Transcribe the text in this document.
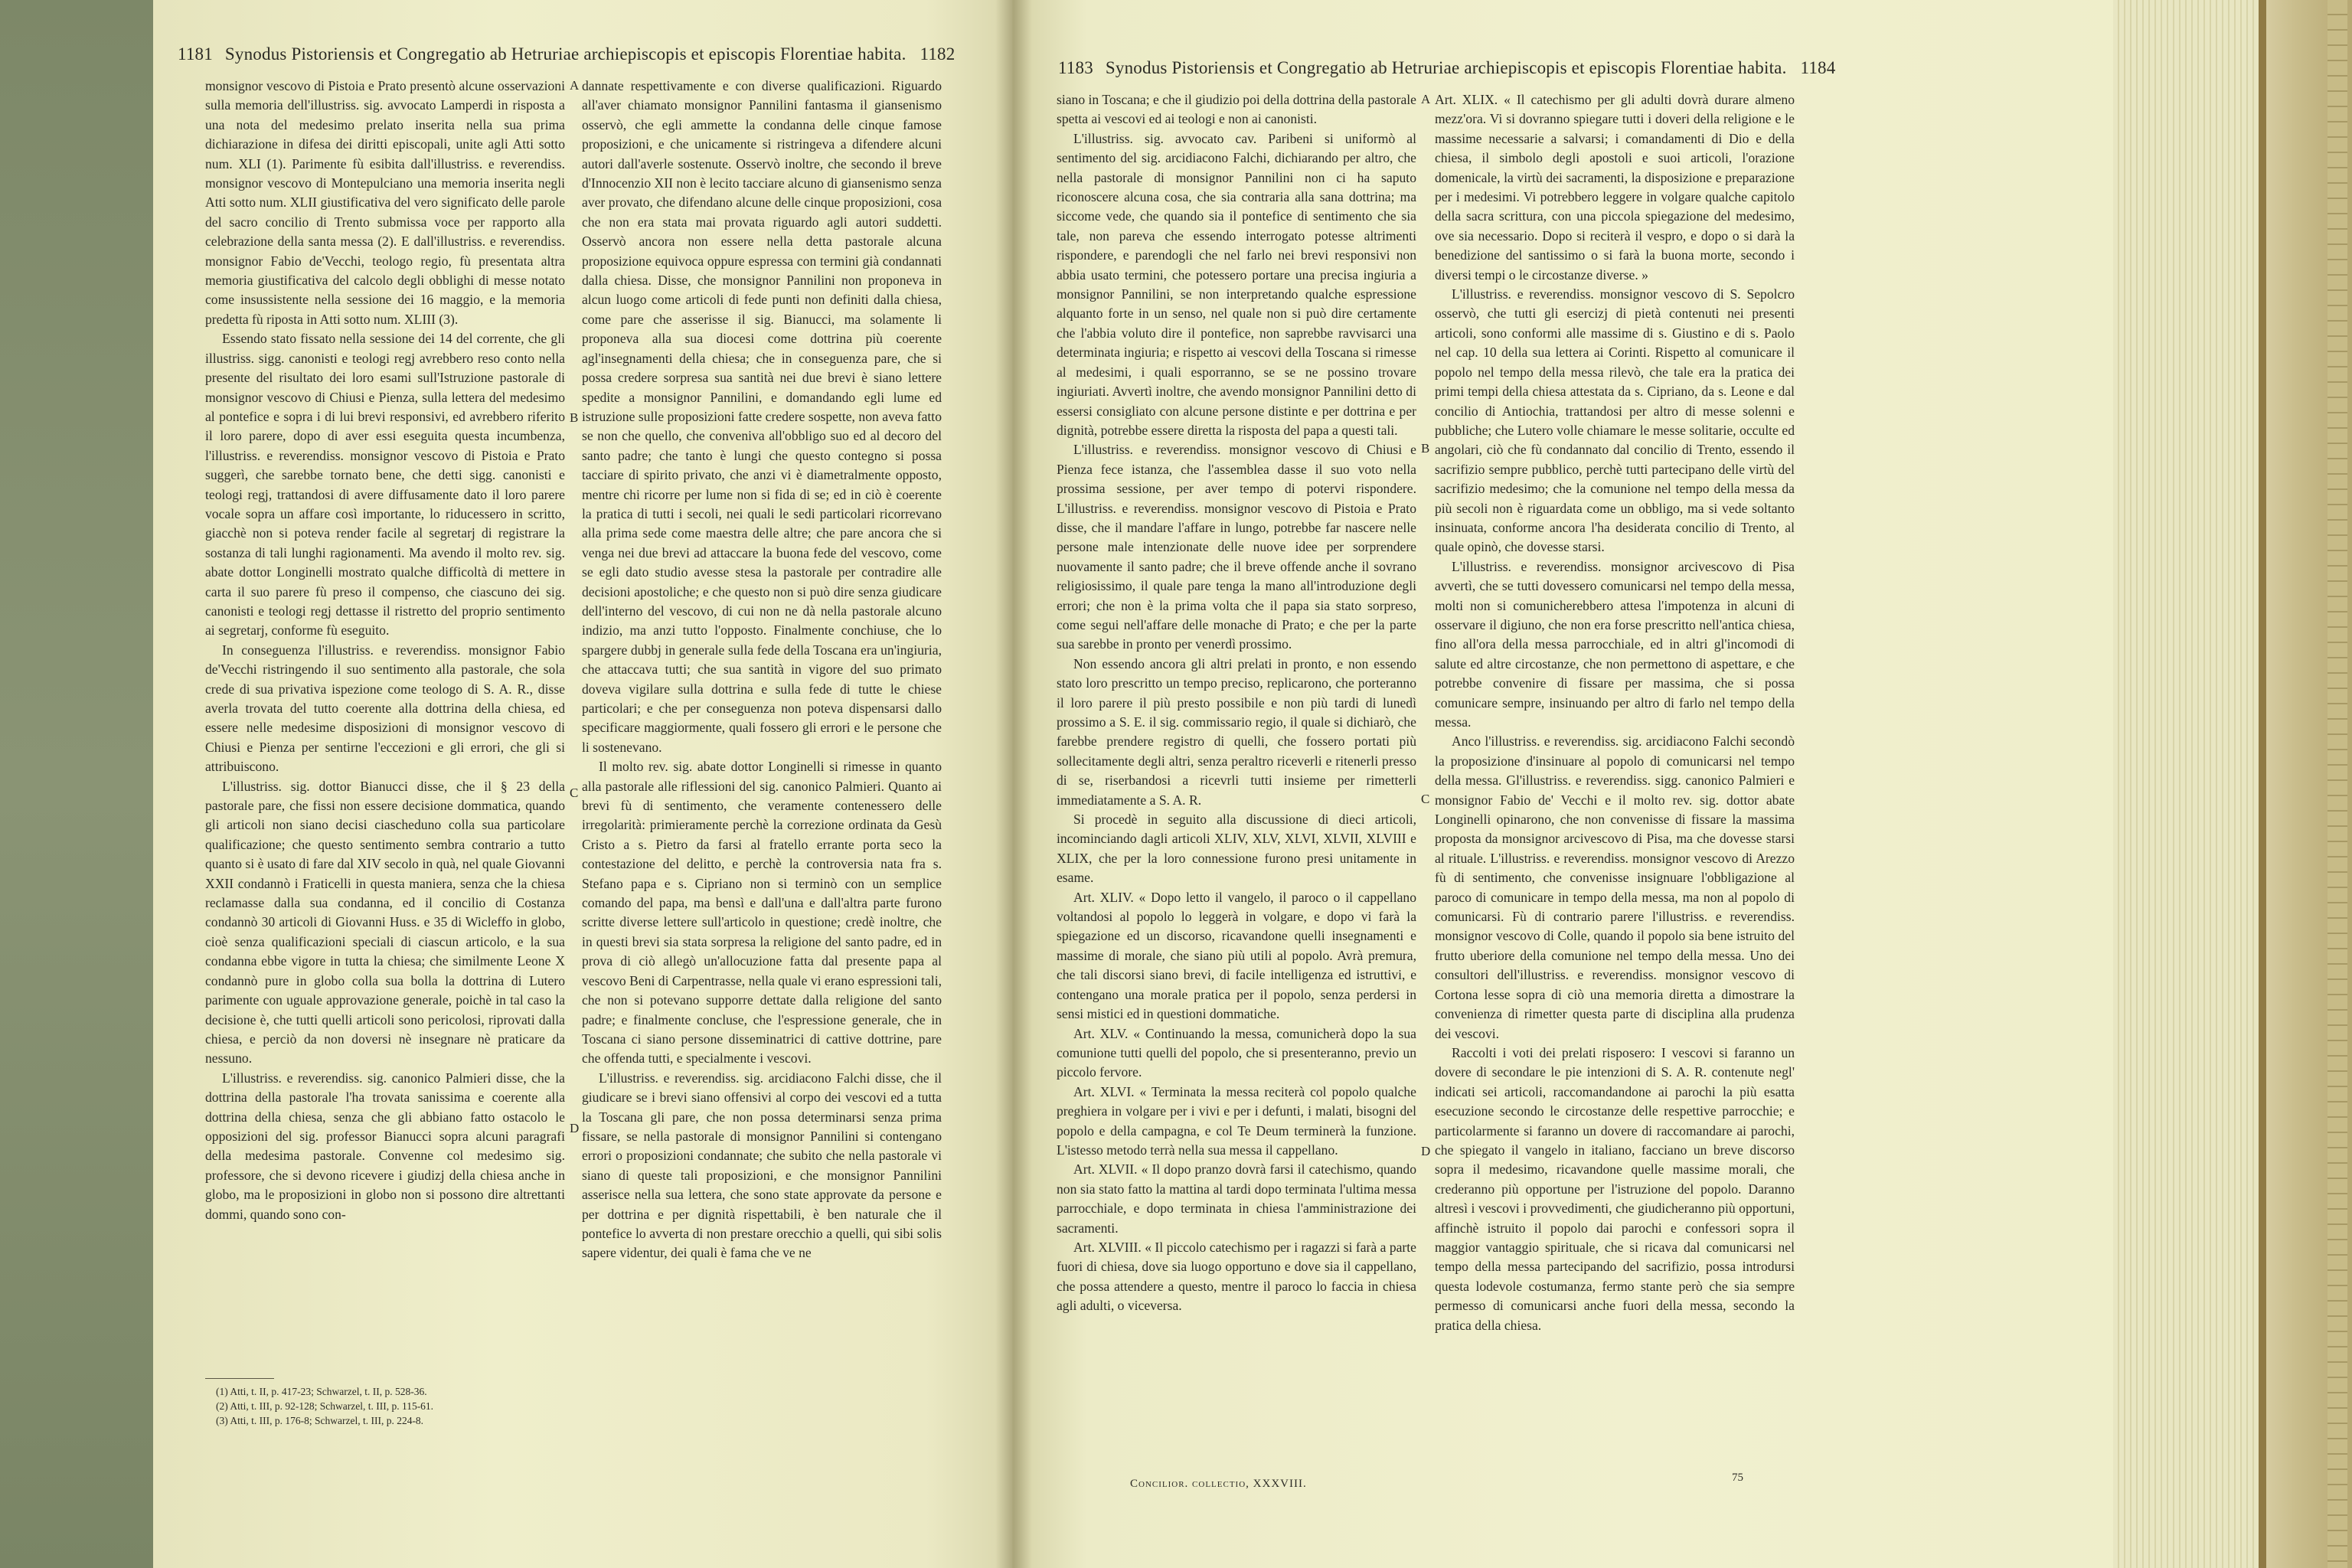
1181 Synodus Pistoriensis et Congregatio ab Hetruriae archiepiscopis et episcopis Florentiae habita. 1182

monsignor vescovo di Pistoia e Prato presentò alcune osservazioni sulla memoria dell'illustriss. sig. avvocato Lamperdi in risposta a una nota del medesimo prelato inserita nella sua prima dichiarazione in difesa dei diritti episcopali, unite agli Atti sotto num. XLI (1). Parimente fù esibita dall'illustriss. e reverendiss. monsignor vescovo di Montepulciano una memoria inserita negli Atti sotto num. XLII giustificativa del vero significato delle parole del sacro concilio di Trento submissa voce per rapporto alla celebrazione della santa messa (2). E dall'illustriss. e reverendiss. monsignor Fabio de'Vecchi, teologo regio, fù presentata altra memoria giustificativa del calcolo degli obblighi di messe notato come insussistente nella sessione dei 16 maggio, e la memoria predetta fù riposta in Atti sotto num. XLIII (3).

Essendo stato fissato nella sessione dei 14 del corrente, che gli illustriss. sigg. canonisti e teologi regj avrebbero reso conto nella presente del risultato dei loro esami sull'Istruzione pastorale di monsignor vescovo di Chiusi e Pienza, sulla lettera del medesimo al pontefice e sopra i di lui brevi responsivi, ed avrebbero riferito il loro parere, dopo di aver essi eseguita questa incumbenza, l'illustriss. e reverendiss. monsignor vescovo di Pistoia e Prato suggerì, che sarebbe tornato bene, che detti sigg. canonisti e teologi regj, trattandosi di avere diffusamente dato il loro parere vocale sopra un affare così importante, lo riducessero in scritto, giacchè non si poteva render facile al segretarj di registrare la sostanza di tali lunghi ragionamenti. Ma avendo il molto rev. sig. abate dottor Longinelli mostrato qualche difficoltà di mettere in carta il suo parere fù preso il compenso, che ciascuno dei sig. canonisti e teologi regj dettasse il ristretto del proprio sentimento ai segretarj, conforme fù eseguito.

In conseguenza l'illustriss. e reverendiss. monsignor Fabio de'Vecchi ristringendo il suo sentimento alla pastorale, che sola crede di sua privativa ispezione come teologo di S. A. R., disse averla trovata del tutto coerente alla dottrina della chiesa, ed essere nelle medesime disposizioni di monsignor vescovo di Chiusi e Pienza per sentirne l'eccezioni e gli errori, che gli si attribuiscono.

L'illustriss. sig. dottor Bianucci disse, che il § 23 della pastorale pare, che fissi non essere decisione dommatica, quando gli articoli non siano decisi ciascheduno colla sua particolare qualificazione; che questo sentimento sembra contrario a tutto quanto si è usato di fare dal XIV secolo in quà, nel quale Giovanni XXII condannò i Fraticelli in questa maniera, senza che la chiesa reclamasse dalla sua condanna, ed il concilio di Costanza condannò 30 articoli di Giovanni Huss. e 35 di Wicleffo in globo, cioè senza qualificazioni speciali di ciascun articolo, e la sua condanna ebbe vigore in tutta la chiesa; che similmente Leone X condannò pure in globo colla sua bolla la dottrina di Lutero parimente con uguale approvazione generale, poichè in tal caso la decisione è, che tutti quelli articoli sono pericolosi, riprovati dalla chiesa, e perciò da non doversi nè insegnare nè praticare da nessuno.

L'illustriss. e reverendiss. sig. canonico Palmieri disse, che la dottrina della pastorale l'ha trovata sanissima e coerente alla dottrina della chiesa, senza che gli abbiano fatto ostacolo le opposizioni del sig. professor Bianucci sopra alcuni paragrafi della medesima pastorale. Convenne col medesimo sig. professore, che si devono ricevere i giudizj della chiesa anche in globo, ma le proposizioni in globo non si possono dire altrettanti dommi, quando sono con-

(1) Atti, t. II, p. 417-23; Schwarzel, t. II, p. 528-36.
(2) Atti, t. III, p. 92-128; Schwarzel, t. III, p. 115-61.
(3) Atti, t. III, p. 176-8; Schwarzel, t. III, p. 224-8.
A
B
C
D

dannate respettivamente e con diverse qualificazioni. Riguardo all'aver chiamato monsignor Pannilini fantasma il giansenismo osservò, che egli ammette la condanna delle cinque famose proposizioni, e che unicamente si ristringeva a difendere alcuni autori dall'averle sostenute. Osservò inoltre, che secondo il breve d'Innocenzio XII non è lecito tacciare alcuno di giansenismo senza aver provato, che difendano alcune delle cinque proposizioni, cosa che non era stata mai provata riguardo agli autori suddetti. Osservò ancora non essere nella detta pastorale alcuna proposizione equivoca oppure espressa con termini già condannati dalla chiesa. Disse, che monsignor Pannilini non proponeva in alcun luogo come articoli di fede punti non definiti dalla chiesa, come pare che asserisse il sig. Bianucci, ma solamente li proponeva alla sua diocesi come dottrina più coerente agl'insegnamenti della chiesa; che in conseguenza pare, che si possa credere sorpresa sua santità nei due brevi è siano lettere spedite a monsignor Pannilini, e domandando egli lume ed istruzione sulle proposizioni fatte credere sospette, non aveva fatto se non che quello, che conveniva all'obbligo suo ed al decoro del santo padre; che tanto è lungi che questo contegno si possa tacciare di spirito privato, che anzi vi è diametralmente opposto, mentre chi ricorre per lume non si fida di se; ed in ciò è coerente la pratica di tutti i secoli, nei quali le sedi particolari ricorrevano alla prima sede come maestra delle altre; che pare ancora che si venga nei due brevi ad attaccare la buona fede del vescovo, come se egli dato studio avesse stesa la pastorale per contradire alle decisioni apostoliche; e che questo non si può dire senza giudicare dell'interno del vescovo, di cui non ne dà nella pastorale alcuno indizio, ma anzi tutto l'opposto. Finalmente conchiuse, che lo spargere dubbj in generale sulla fede della Toscana era un'ingiuria, che attaccava tutti; che sua santità in vigore del suo primato doveva vigilare sulla dottrina e sulla fede di tutte le chiese particolari; e che per conseguenza non poteva dispensarsi dallo specificare maggiormente, quali fossero gli errori e le persone che li sostenevano.

Il molto rev. sig. abate dottor Longinelli si rimesse in quanto alla pastorale alle riflessioni del sig. canonico Palmieri. Quanto ai brevi fù di sentimento, che veramente contenessero delle irregolarità: primieramente perchè la correzione ordinata da Gesù Cristo a s. Pietro da farsi al fratello errante porta seco la contestazione del delitto, e perchè la controversia nata fra s. Stefano papa e s. Cipriano non si terminò con un semplice comando del papa, ma bensì e dall'una e dall'altra parte furono scritte diverse lettere sull'articolo in questione; credè inoltre, che in questi brevi sia stata sorpresa la religione del santo padre, ed in prova di ciò allegò un'allocuzione fatta dal presente papa al vescovo Beni di Carpentrasse, nella quale vi erano espressioni tali, che non si potevano supporre dettate dalla religione del santo padre; e finalmente concluse, che l'espressione generale, che in Toscana ci siano persone disseminatrici di cattive dottrine, pare che offenda tutti, e specialmente i vescovi.

L'illustriss. e reverendiss. sig. arcidiacono Falchi disse, che il giudicare se i brevi siano offensivi al corpo dei vescovi ed a tutta la Toscana gli pare, che non possa determinarsi senza prima fissare, se nella pastorale di monsignor Pannilini si contengano errori o proposizioni condannate; che subito che nella pastorale vi siano di queste tali proposizioni, e che monsignor Pannilini asserisce nella sua lettera, che sono state approvate da persone e per dottrina e per dignità rispettabili, è ben naturale che il pontefice lo avverta di non prestare orecchio a quelli, qui sibi solis sapere videntur, dei quali è fama che ve ne

1183 Synodus Pistoriensis et Congregatio ab Hetruriae archiepiscopis et episcopis Florentiae habita. 1184

siano in Toscana; e che il giudizio poi della dottrina della pastorale spetta ai vescovi ed ai teologi e non ai canonisti.

L'illustriss. sig. avvocato cav. Paribeni si uniformò al sentimento del sig. arcidiacono Falchi, dichiarando per altro, che nella pastorale di monsignor Pannilini non ci ha saputo riconoscere alcuna cosa, che sia contraria alla sana dottrina; ma siccome vede, che quando sia il pontefice di sentimento che sia tale, non pareva che essendo interrogato potesse altrimenti rispondere, e parendogli che nel farlo nei brevi responsivi non abbia usato termini, che potessero portare una precisa ingiuria a monsignor Pannilini, se non interpretando qualche espressione alquanto forte in un senso, nel quale non si può dire certamente che l'abbia voluto dire il pontefice, non saprebbe ravvisarci una determinata ingiuria; e rispetto ai vescovi della Toscana si rimesse al medesimi, i quali esporranno, se se ne possino trovare ingiuriati. Avvertì inoltre, che avendo monsignor Pannilini detto di essersi consigliato con alcune persone distinte e per dottrina e per dignità, potrebbe essere diretta la risposta del papa a questi tali.

L'illustriss. e reverendiss. monsignor vescovo di Chiusi e Pienza fece istanza, che l'assemblea dasse il suo voto nella prossima sessione, per aver tempo di potervi rispondere. L'illustriss. e reverendiss. monsignor vescovo di Pistoia e Prato disse, che il mandare l'affare in lungo, potrebbe far nascere nelle persone male intenzionate delle nuove idee per sorprendere nuovamente il santo padre; che il breve offende anche il sovrano religiosissimo, il quale pare tenga la mano all'introduzione degli errori; che non è la prima volta che il papa sia stato sorpreso, come segui nell'affare delle monache di Prato; e che per la parte sua sarebbe in pronto per venerdì prossimo.

Non essendo ancora gli altri prelati in pronto, e non essendo stato loro prescritto un tempo preciso, replicarono, che porteranno il loro parere il più presto possibile e non più tardi di lunedì prossimo a S. E. il sig. commissario regio, il quale si dichiarò, che farebbe prendere registro di quelli, che fossero portati più sollecitamente degli altri, senza peraltro riceverli e ritenerli presso di se, riserbandosi a ricevrli tutti insieme per rimetterli immediatamente a S. A. R.

Si procedè in seguito alla discussione di dieci articoli, incominciando dagli articoli XLIV, XLV, XLVI, XLVII, XLVIII e XLIX, che per la loro connessione furono presi unitamente in esame.

Art. XLIV. « Dopo letto il vangelo, il paroco o il cappellano voltandosi al popolo lo leggerà in volgare, e dopo vi farà la spiegazione ed un discorso, ricavandone quelli insegnamenti e massime di morale, che siano più utili al popolo. Avrà premura, che tali discorsi siano brevi, di facile intelligenza ed istruttivi, e contengano una morale pratica per il popolo, senza perdersi in sensi mistici ed in questioni dommatiche.

Art. XLV. « Continuando la messa, comunicherà dopo la sua comunione tutti quelli del popolo, che si presenteranno, previo un piccolo fervore.

Art. XLVI. « Terminata la messa reciterà col popolo qualche preghiera in volgare per i vivi e per i defunti, i malati, bisogni del popolo e della campagna, e col Te Deum terminerà la funzione. L'istesso metodo terrà nella sua messa il cappellano.

Art. XLVII. « Il dopo pranzo dovrà farsi il catechismo, quando non sia stato fatto la mattina al tardi dopo terminata l'ultima messa parrocchiale, e dopo terminata in chiesa l'amministrazione dei sacramenti.

Art. XLVIII. « Il piccolo catechismo per i ragazzi si farà a parte fuori di chiesa, dove sia luogo opportuno e dove sia il cappellano, che possa attendere a questo, mentre il paroco lo faccia in chiesa agli adulti, o viceversa.

A
B
C
D

Art. XLIX. « Il catechismo per gli adulti dovrà durare almeno mezz'ora. Vi si dovranno spiegare tutti i doveri della religione e le massime necessarie a salvarsi; i comandamenti di Dio e della chiesa, il simbolo degli apostoli e suoi articoli, l'orazione domenicale, la virtù dei sacramenti, la disposizione e preparazione per i medesimi. Vi potrebbero leggere in volgare qualche capitolo della sacra scrittura, con una piccola spiegazione del medesimo, ove sia necessario. Dopo si reciterà il vespro, e dopo o si darà la benedizione del santissimo o si farà la buona morte, secondo i diversi tempi o le circostanze diverse. »

L'illustriss. e reverendiss. monsignor vescovo di S. Sepolcro osservò, che tutti gli esercizj di pietà contenuti nei presenti articoli, sono conformi alle massime di s. Giustino e di s. Paolo nel cap. 10 della sua lettera ai Corinti. Rispetto al comunicare il popolo nel tempo della messa rilevò, che tale era la pratica dei primi tempi della chiesa attestata da s. Cipriano, da s. Leone e dal concilio di Antiochia, trattandosi per altro di messe solenni e pubbliche; che Lutero volle chiamare le messe solitarie, occulte ed angolari, ciò che fù condannato dal concilio di Trento, essendo il sacrifizio sempre pubblico, perchè tutti partecipano delle virtù del sacrifizio medesimo; che la comunione nel tempo della messa da più secoli non è riguardata come un obbligo, ma si vede soltanto insinuata, conforme ancora l'ha desiderata concilio di Trento, al quale opinò, che dovesse starsi.

L'illustriss. e reverendiss. monsignor arcivescovo di Pisa avvertì, che se tutti dovessero comunicarsi nel tempo della messa, molti non si comunicherebbero attesa l'impotenza in alcuni di osservare il digiuno, che non era forse prescritto nell'antica chiesa, fino all'ora della messa parrocchiale, ed in altri gl'incomodi di salute ed altre circostanze, che non permettono di aspettare, e che potrebbe convenire di fissare per massima, che si possa comunicare sempre, insinuando per altro di farlo nel tempo della messa.

Anco l'illustriss. e reverendiss. sig. arcidiacono Falchi secondò la proposizione d'insinuare al popolo di comunicarsi nel tempo della messa. Gl'illustriss. e reverendiss. sigg. canonico Palmieri e monsignor Fabio de' Vecchi e il molto rev. sig. dottor abate Longinelli opinarono, che non convenisse di fissare la massima proposta da monsignor arcivescovo di Pisa, ma che dovesse starsi al rituale. L'illustriss. e reverendiss. monsignor vescovo di Arezzo fù di sentimento, che convenisse insignuare l'obbligazione al paroco di comunicare in tempo della messa, ma non al popolo di comunicarsi. Fù di contrario parere l'illustriss. e reverendiss. monsignor vescovo di Colle, quando il popolo sia bene istruito del frutto uberiore della comunione nel tempo della messa. Uno dei consultori dell'illustriss. e reverendiss. monsignor vescovo di Cortona lesse sopra di ciò una memoria diretta a dimostrare la convenienza di rimetter questa parte di disciplina alla prudenza dei vescovi.

Raccolti i voti dei prelati risposero: I vescovi si faranno un dovere di secondare le pie intenzioni di S. A. R. contenute negl' indicati sei articoli, raccomandandone ai parochi la più esatta esecuzione secondo le circostanze delle respettive parrocchie; e particolarmente si faranno un dovere di raccomandare ai parochi, che spiegato il vangelo in italiano, facciano un breve discorso sopra il medesimo, ricavandone quelle massime morali, che crederanno più opportune per l'istruzione del popolo. Daranno altresì i vescovi i provvedimenti, che giudicheranno più opportuni, affinchè istruito il popolo dai parochi e confessori sopra il maggior vantaggio spirituale, che si ricava dal comunicarsi nel tempo della messa partecipando del sacrifizio, possa introdursi questa lodevole costumanza, fermo stante però che sia sempre permesso di comunicarsi anche fuori della messa, secondo la pratica della chiesa.

Concilior. collectio, XXXVIII.	75
